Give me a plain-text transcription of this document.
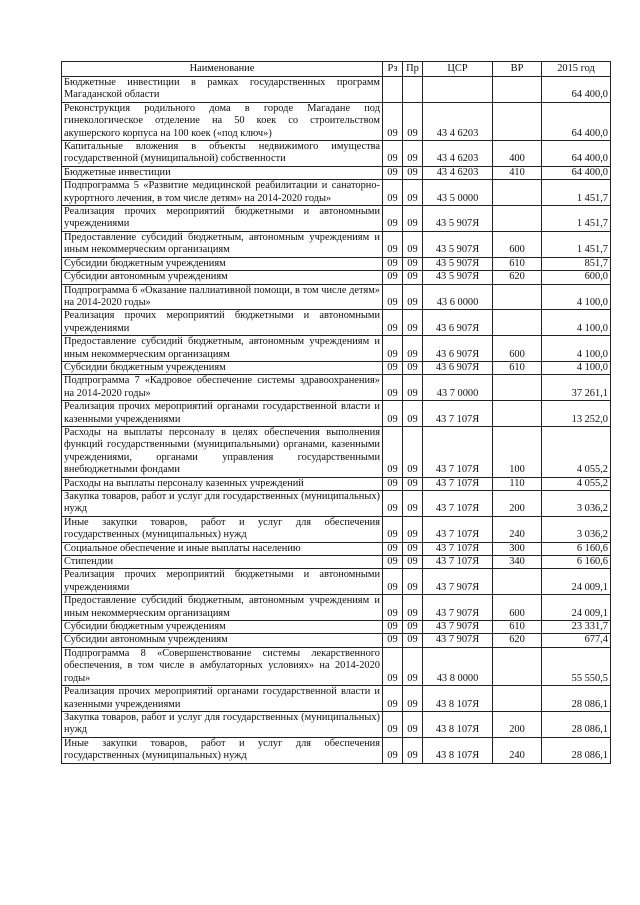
Наименование	Рз	Пр	ЦСР	ВР	2015 год
Бюджетные инвестиции в рамках государственных программ Магаданской области					64 400,0
Реконструкция родильного дома в городе Магадане под гинекологическое отделение на 50 коек со строительством акушерского корпуса на 100 коек («под ключ»)	09	09	43 4 6203		64 400,0
Капитальные вложения в объекты недвижимого имущества государственной (муниципальной) собственности	09	09	43 4 6203	400	64 400,0
Бюджетные инвестиции	09	09	43 4 6203	410	64 400,0
Подпрограмма 5 «Развитие медицинской реабилитации и санаторно-курортного лечения, в том числе детям» на 2014-2020 годы»	09	09	43 5 0000		1 451,7
Реализация прочих мероприятий бюджетными и автономными учреждениями	09	09	43 5 907Я		1 451,7
Предоставление субсидий бюджетным, автономным учреждениям и иным некоммерческим организациям	09	09	43 5 907Я	600	1 451,7
Субсидии бюджетным учреждениям	09	09	43 5 907Я	610	851,7
Субсидии автономным учреждениям	09	09	43 5 907Я	620	600,0
Подпрограмма 6 «Оказание паллиативной помощи, в том числе детям» на 2014-2020 годы»	09	09	43 6 0000		4 100,0
Реализация прочих мероприятий бюджетными и автономными учреждениями	09	09	43 6 907Я		4 100,0
Предоставление субсидий бюджетным, автономным учреждениям и иным некоммерческим организациям	09	09	43 6 907Я	600	4 100,0
Субсидии бюджетным учреждениям	09	09	43 6 907Я	610	4 100,0
Подпрограмма 7 «Кадровое обеспечение системы здравоохранения» на 2014-2020 годы»	09	09	43 7 0000		37 261,1
Реализация прочих мероприятий органами государственной власти и казенными учреждениями	09	09	43 7 107Я		13 252,0
Расходы на выплаты персоналу в целях обеспечения выполнения функций государственными (муниципальными) органами, казенными учреждениями, органами управления государственными внебюджетными фондами	09	09	43 7 107Я	100	4 055,2
Расходы на выплаты персоналу казенных учреждений	09	09	43 7 107Я	110	4 055,2
Закупка товаров, работ и услуг для государственных (муниципальных) нужд	09	09	43 7 107Я	200	3 036,2
Иные закупки товаров, работ и услуг для обеспечения государственных (муниципальных) нужд	09	09	43 7 107Я	240	3 036,2
Социальное обеспечение и иные выплаты населению	09	09	43 7 107Я	300	6 160,6
Стипендии	09	09	43 7 107Я	340	6 160,6
Реализация прочих мероприятий бюджетными и автономными учреждениями	09	09	43 7 907Я		24 009,1
Предоставление субсидий бюджетным, автономным учреждениям и иным некоммерческим организациям	09	09	43 7 907Я	600	24 009,1
Субсидии бюджетным учреждениям	09	09	43 7 907Я	610	23 331,7
Субсидии автономным учреждениям	09	09	43 7 907Я	620	677,4
Подпрограмма 8 «Совершенствование системы лекарственного обеспечения, в том числе в амбулаторных условиях» на 2014-2020 годы»	09	09	43 8 0000		55 550,5
Реализация прочих мероприятий органами государственной власти и казенными учреждениями	09	09	43 8 107Я		28 086,1
Закупка товаров, работ и услуг для государственных (муниципальных) нужд	09	09	43 8 107Я	200	28 086,1
Иные закупки товаров, работ и услуг для обеспечения государственных (муниципальных) нужд	09	09	43 8 107Я	240	28 086,1
